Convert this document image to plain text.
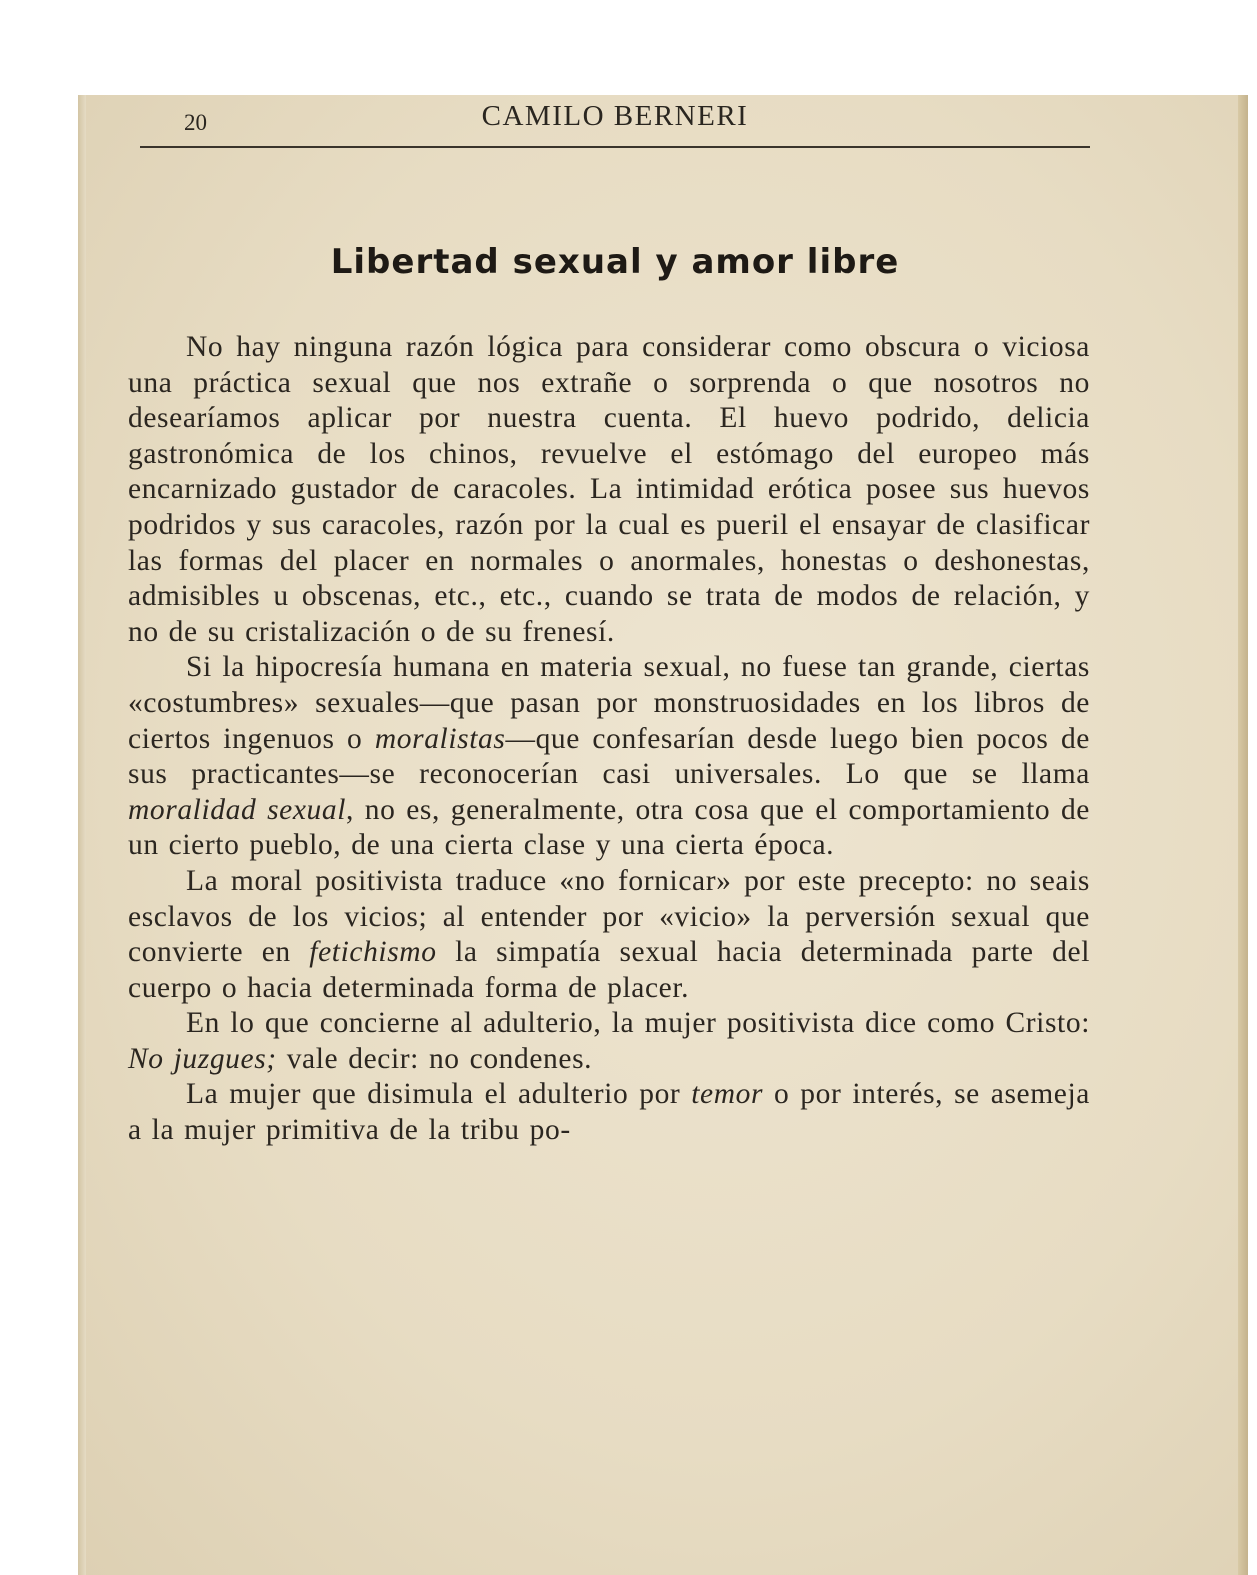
20	CAMILO BERNERI
Libertad sexual y amor libre

No hay ninguna razón lógica para considerar como obscura o viciosa una práctica sexual que nos extrañe o sorprenda o que nosotros no desearíamos aplicar por nuestra cuenta. El huevo podrido, delicia gastronómica de los chinos, revuelve el estómago del europeo más encarnizado gustador de caracoles. La intimidad erótica posee sus huevos podridos y sus caracoles, razón por la cual es pueril el ensayar de clasificar las formas del placer en normales o anormales, honestas o deshonestas, admisibles u obscenas, etc., etc., cuando se trata de modos de relación, y no de su cristalización o de su frenesí.

Si la hipocresía humana en materia sexual, no fuese tan grande, ciertas «costumbres» sexuales—que pasan por monstruosidades en los libros de ciertos ingenuos o moralistas—que confesarían desde luego bien pocos de sus practicantes—se reconocerían casi universales. Lo que se llama moralidad sexual, no es, generalmente, otra cosa que el comportamiento de un cierto pueblo, de una cierta clase y una cierta época.

La moral positivista traduce «no fornicar» por este precepto: no seais esclavos de los vicios; al entender por «vicio» la perversión sexual que convierte en fetichismo la simpatía sexual hacia determinada parte del cuerpo o hacia determinada forma de placer.

En lo que concierne al adulterio, la mujer positivista dice como Cristo: No juzgues; vale decir: no condenes.

La mujer que disimula el adulterio por temor o por interés, se asemeja a la mujer primitiva de la tribu po-
